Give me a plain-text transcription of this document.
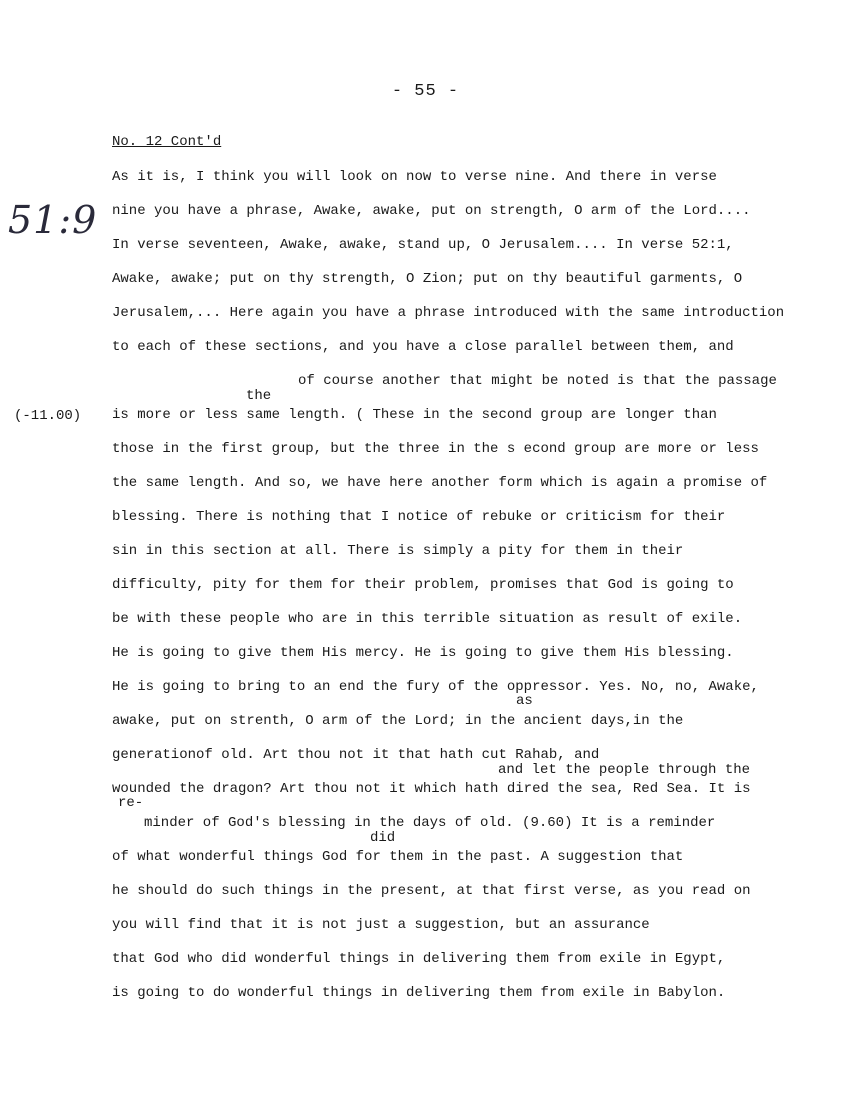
- 55 -
No. 12 Cont'd
51:9
(-11.00)
the
as
and let the people through the
re-
did
As it is, I think you will look on now to verse nine. And there in verse
nine you have a phrase, Awake, awake, put on strength, O arm of the Lord....
In verse seventeen, Awake, awake, stand up, O Jerusalem.... In verse 52:1,
Awake, awake; put on thy strength, O Zion; put on thy beautiful garments, O
Jerusalem,... Here again you have a phrase introduced with the same introduction
to each of these sections, and you have a close parallel between them, and
of course another that might be noted is that the passage
is more or less same length. ( These in the second group are longer than
those in the first group, but the three in the s econd group are more or less
the same length. And so, we have here another form which is again a promise of
blessing. There is nothing that I notice of rebuke or criticism for their
sin in this section at all. There is simply a pity for them in their
difficulty, pity for them for their problem, promises that God is going to
be with these people who are in this terrible situation as result of exile.
He is going to give them His mercy. He is going to give them His blessing.
He is going to bring to an end the fury of the oppressor. Yes. No, no, Awake,
awake, put on strenth, O arm of the Lord; in the ancient days,in the
generationof old. Art thou not it that hath cut Rahab, and
wounded the dragon? Art thou not it which hath dired the sea, Red Sea. It is
minder of God's blessing in the days of old. (9.60) It is a reminder
of what wonderful things God for them in the past. A suggestion that
he should do such things in the present, at that first verse, as you read on
you will find that it is not just a suggestion, but an assurance
that God who did wonderful things in delivering them from exile in Egypt,
is going to do wonderful things in delivering them from exile in Babylon.
